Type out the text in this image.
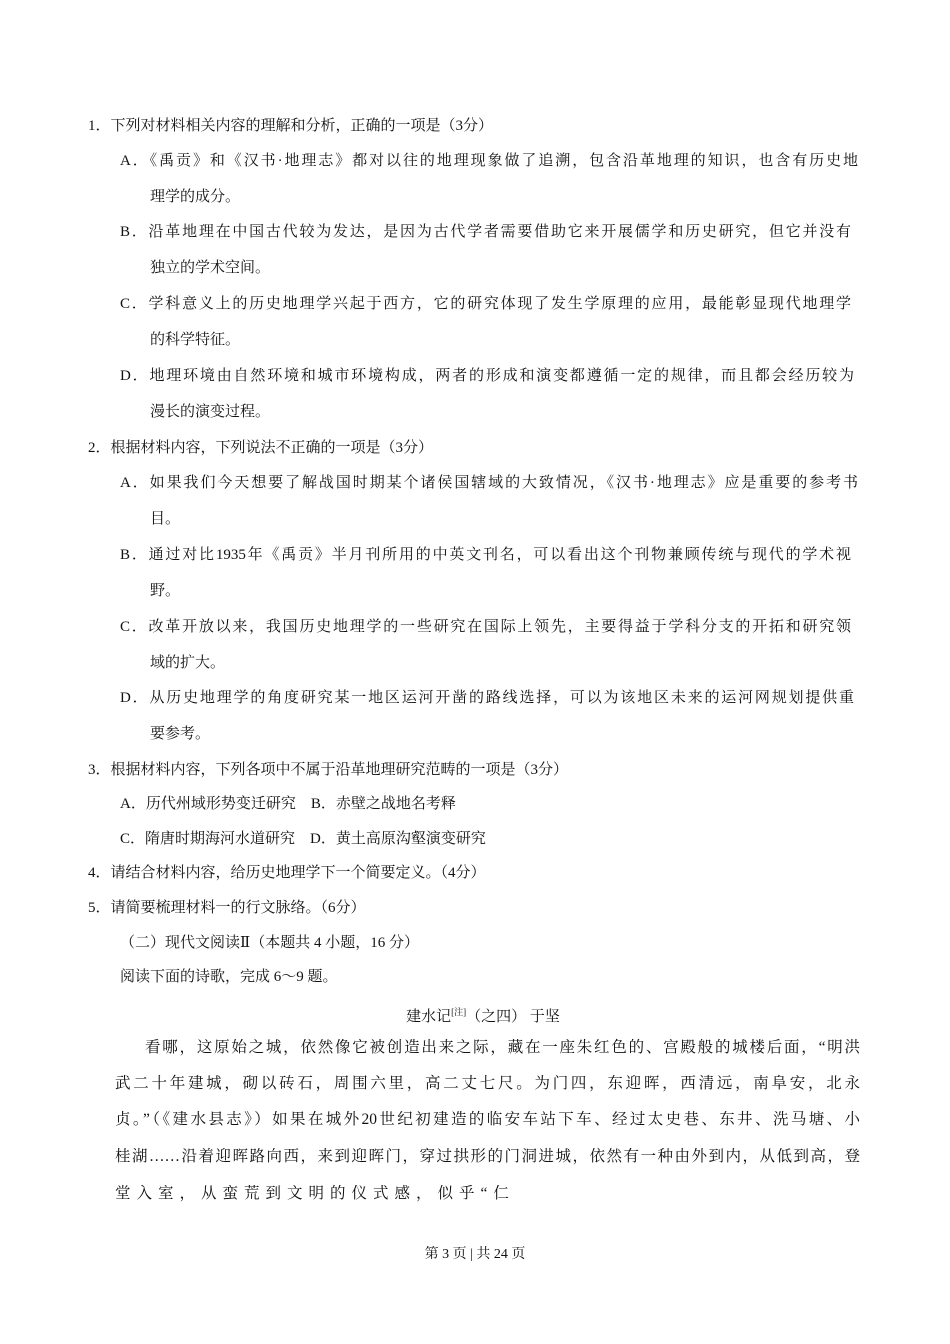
1．下列对材料相关内容的理解和分析，正确的一项是（3分）
A．《禹贡》和《汉书·地理志》都对以往的地理现象做了追溯，包含沿革地理的知识，也含有历史地
理学的成分。
B．沿革地理在中国古代较为发达，是因为古代学者需要借助它来开展儒学和历史研究，但它并没有
独立的学术空间。
C．学科意义上的历史地理学兴起于西方，它的研究体现了发生学原理的应用，最能彰显现代地理学
的科学特征。
D．地理环境由自然环境和城市环境构成，两者的形成和演变都遵循一定的规律，而且都会经历较为
漫长的演变过程。
2．根据材料内容，下列说法不正确的一项是（3分）
A．如果我们今天想要了解战国时期某个诸侯国辖域的大致情况，《汉书·地理志》应是重要的参考书
目。
B．通过对比1935年《禹贡》半月刊所用的中英文刊名，可以看出这个刊物兼顾传统与现代的学术视
野。
C．改革开放以来，我国历史地理学的一些研究在国际上领先，主要得益于学科分支的开拓和研究领
域的扩大。
D．从历史地理学的角度研究某一地区运河开凿的路线选择，可以为该地区未来的运河网规划提供重
要参考。
3．根据材料内容，下列各项中不属于沿革地理研究范畴的一项是（3分）
A．历代州域形势变迁研究　B．赤壁之战地名考释
C．隋唐时期海河水道研究　D．黄土高原沟壑演变研究
4．请结合材料内容，给历史地理学下一个简要定义。（4分）
5．请简要梳理材料一的行文脉络。（6分）
（二）现代文阅读Ⅱ（本题共 4 小题，16 分）
阅读下面的诗歌，完成 6～9 题。
建水记[注]（之四） 于坚
看哪，这原始之城，依然像它被创造出来之际，藏在一座朱红色的、宫殿般的城楼后面，“明洪
武二十年建城，砌以砖石，周围六里，高二丈七尺。为门四，东迎晖，西清远，南阜安，北永
贞。”（《建水县志》）如果在城外20世纪初建造的临安车站下车、经过太史巷、东井、洗马塘、小
桂湖……沿着迎晖路向西，来到迎晖门，穿过拱形的门洞进城，依然有一种由外到内，从低到高，登
堂入室，从蛮荒到文明的仪式感，似乎“仁
第 3 页 | 共 24 页
